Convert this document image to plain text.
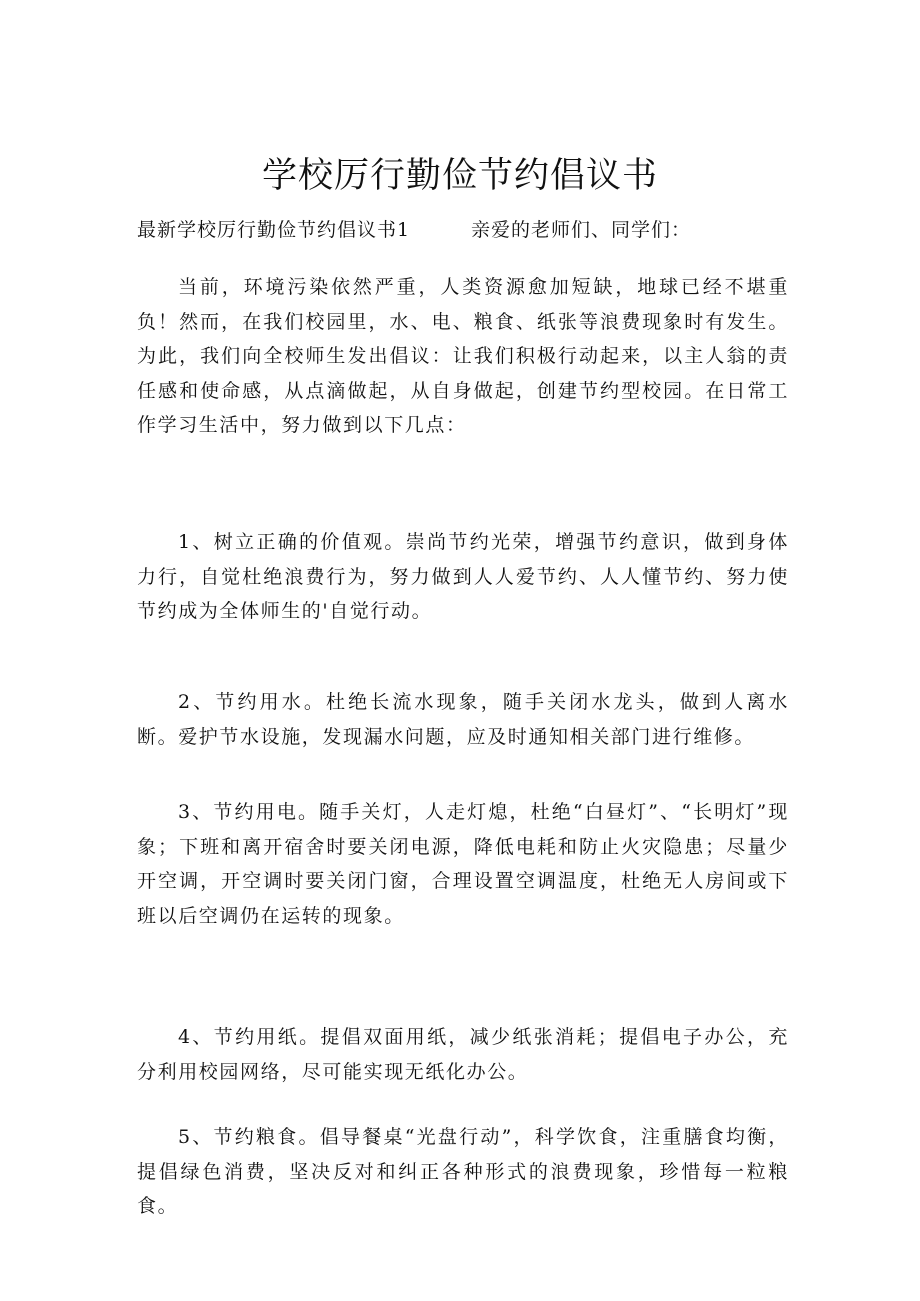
学校厉行勤俭节约倡议书
最新学校厉行勤俭节约倡议书1	亲爱的老师们、同学们：

当前，环境污染依然严重，人类资源愈加短缺，地球已经不堪重负！然而，在我们校园里，水、电、粮食、纸张等浪费现象时有发生。为此，我们向全校师生发出倡议：让我们积极行动起来，以主人翁的责任感和使命感，从点滴做起，从自身做起，创建节约型校园。在日常工作学习生活中，努力做到以下几点：

1、树立正确的价值观。崇尚节约光荣，增强节约意识，做到身体力行，自觉杜绝浪费行为，努力做到人人爱节约、人人懂节约、努力使节约成为全体师生的'自觉行动。

2、节约用水。杜绝长流水现象，随手关闭水龙头，做到人离水断。爱护节水设施，发现漏水问题，应及时通知相关部门进行维修。

3、节约用电。随手关灯，人走灯熄，杜绝“白昼灯”、“长明灯”现象；下班和离开宿舍时要关闭电源，降低电耗和防止火灾隐患；尽量少开空调，开空调时要关闭门窗，合理设置空调温度，杜绝无人房间或下班以后空调仍在运转的现象。

4、节约用纸。提倡双面用纸，减少纸张消耗；提倡电子办公，充分利用校园网络，尽可能实现无纸化办公。

5、节约粮食。倡导餐桌“光盘行动”，科学饮食，注重膳食均衡，提倡绿色消费，坚决反对和纠正各种形式的浪费现象，珍惜每一粒粮食。
